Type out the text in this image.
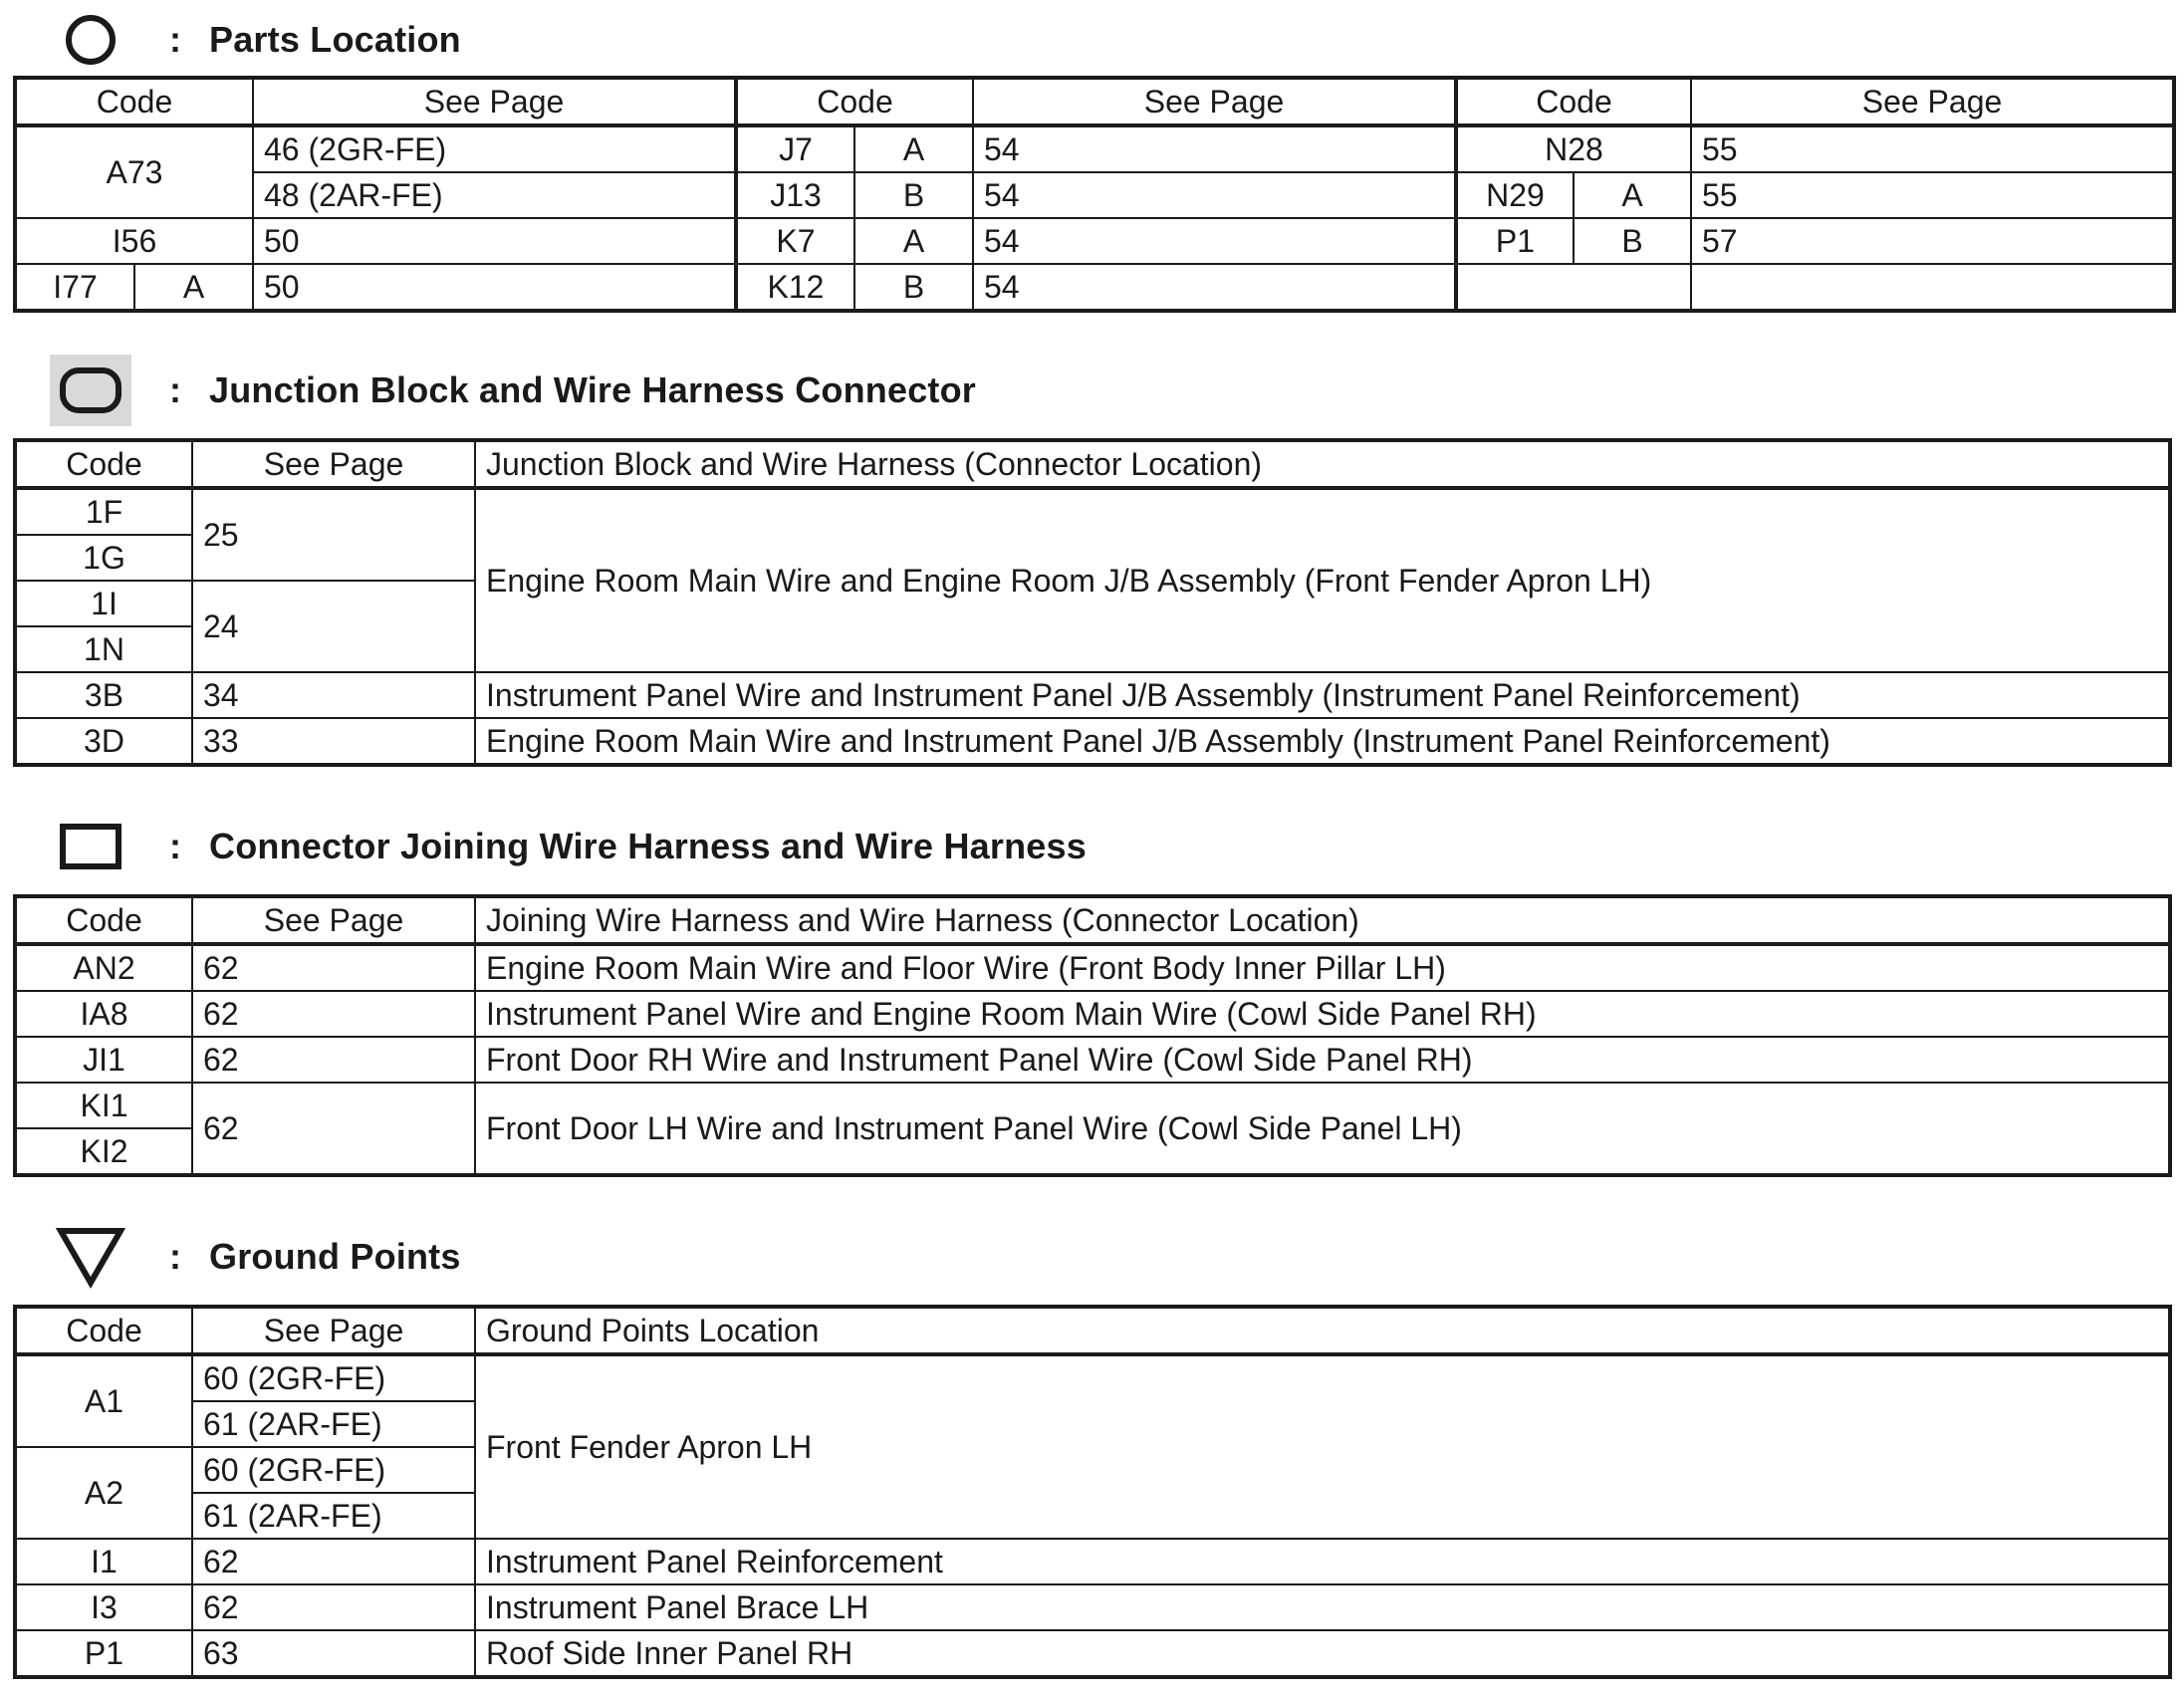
: Parts Location
Code		See Page	Code		See Page	Code		See Page
A73		46 (2GR-FE)	J7	A	54	N28		55
		48 (2AR-FE)	J13	B	54	N29	A	55
I56		50	K7	A	54	P1	B	57
I77	A	50	K12	B	54			
: Junction Block and Wire Harness Connector
Code	See Page	Junction Block and Wire Harness (Connector Location)
1F	25	Engine Room Main Wire and Engine Room J/B Assembly (Front Fender Apron LH)
1G		
1I	24	
1N		
3B	34	Instrument Panel Wire and Instrument Panel J/B Assembly (Instrument Panel Reinforcement)
3D	33	Engine Room Main Wire and Instrument Panel J/B Assembly (Instrument Panel Reinforcement)
: Connector Joining Wire Harness and Wire Harness
Code	See Page	Joining Wire Harness and Wire Harness (Connector Location)
AN2	62	Engine Room Main Wire and Floor Wire (Front Body Inner Pillar LH)
IA8	62	Instrument Panel Wire and Engine Room Main Wire (Cowl Side Panel RH)
JI1	62	Front Door RH Wire and Instrument Panel Wire (Cowl Side Panel RH)
KI1	62	Front Door LH Wire and Instrument Panel Wire (Cowl Side Panel LH)
KI2		
: Ground Points
Code	See Page	Ground Points Location
A1	60 (2GR-FE)	Front Fender Apron LH
	61 (2AR-FE)	
A2	60 (2GR-FE)	
	61 (2AR-FE)	
I1	62	Instrument Panel Reinforcement
I3	62	Instrument Panel Brace LH
P1	63	Roof Side Inner Panel RH
